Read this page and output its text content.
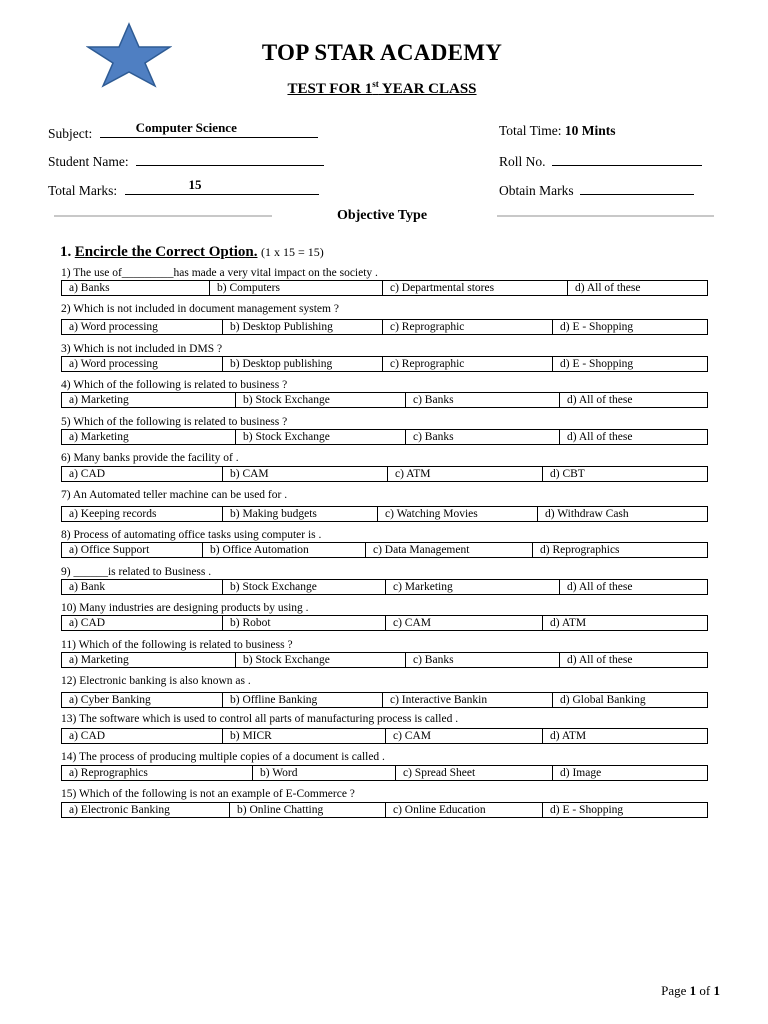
TOP STAR ACADEMY
TEST FOR 1st YEAR CLASS
Subject:	Computer Science
Student Name:
Total Marks:	15
Total Time: 10 Mints
Roll No.
Obtain Marks
Objective Type
1. Encircle the Correct Option. (1 x 15 = 15)
1) The use of_________has made a very vital impact on the society .
a) Banks	b) Computers	c) Departmental stores	d) All of these
2) Which is not included in document management system ?
a) Word processing	b) Desktop Publishing	c) Reprographic	d) E - Shopping
3) Which is not included in DMS ?
a) Word processing	b) Desktop publishing	c) Reprographic	d) E - Shopping
4) Which of the following is related to business ?
a) Marketing	b) Stock Exchange	c) Banks	d) All of these
5) Which of the following is related to business ?
a) Marketing	b) Stock Exchange	c) Banks	d) All of these
6) Many banks provide the facility of .
a) CAD	b) CAM	c) ATM	d) CBT
7) An Automated teller machine can be used for .
a) Keeping records	b) Making budgets	c) Watching Movies	d) Withdraw Cash
8) Process of automating office tasks using computer is .
a) Office Support	b) Office Automation	c) Data Management	d) Reprographics
9) ______is related to Business .
a) Bank	b) Stock Exchange	c) Marketing	d) All of these
10) Many industries are designing products by using .
a) CAD	b) Robot	c) CAM	d) ATM
11) Which of the following is related to business ?
a) Marketing	b) Stock Exchange	c) Banks	d) All of these
12) Electronic banking is also known as .
a) Cyber Banking	b) Offline Banking	c) Interactive Bankin	d) Global Banking
13) The software which is used to control all parts of manufacturing process is called .
a) CAD	b) MICR	c) CAM	d) ATM
14) The process of producing multiple copies of a document is called .
a) Reprographics	b) Word	c) Spread Sheet	d) Image
15) Which of the following is not an example of E-Commerce ?
a) Electronic Banking	b) Online Chatting	c) Online Education	d) E - Shopping
Page 1 of 1
